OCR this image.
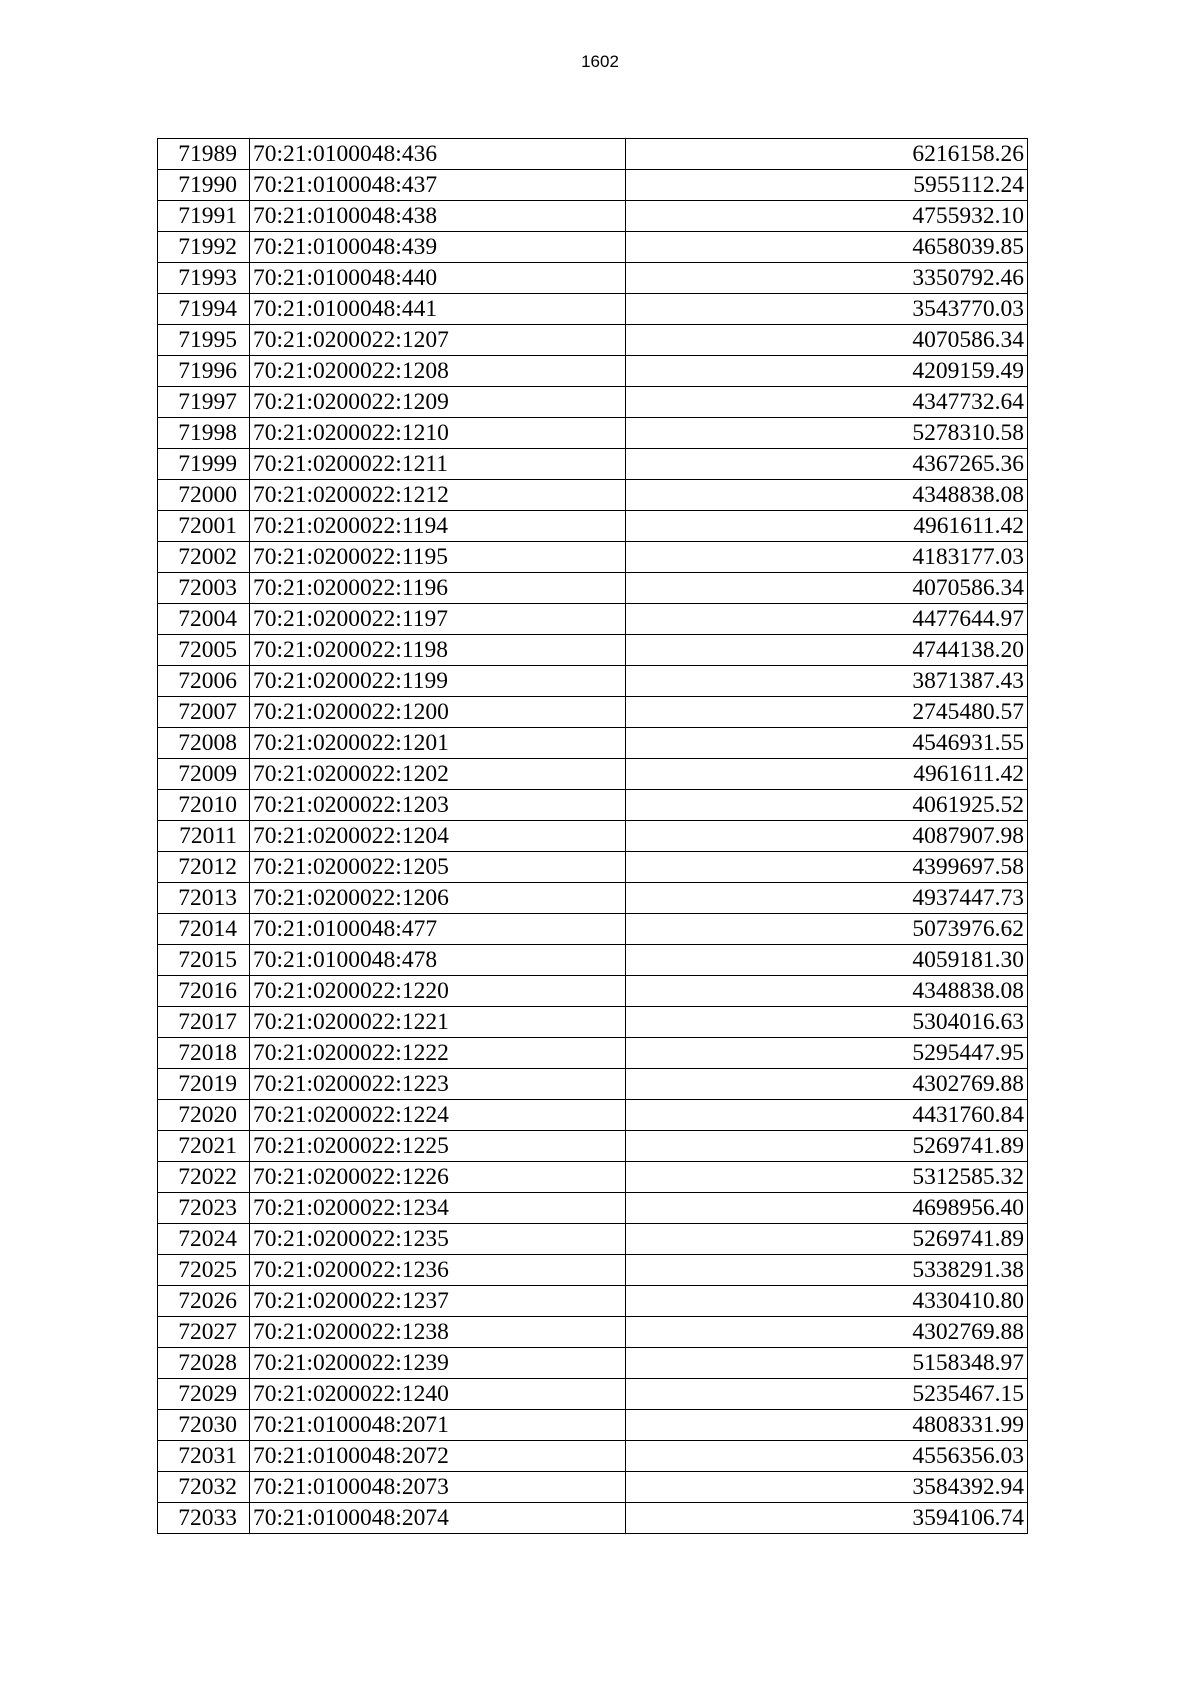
1602
71989	70:21:0100048:436	6216158.26
71990	70:21:0100048:437	5955112.24
71991	70:21:0100048:438	4755932.10
71992	70:21:0100048:439	4658039.85
71993	70:21:0100048:440	3350792.46
71994	70:21:0100048:441	3543770.03
71995	70:21:0200022:1207	4070586.34
71996	70:21:0200022:1208	4209159.49
71997	70:21:0200022:1209	4347732.64
71998	70:21:0200022:1210	5278310.58
71999	70:21:0200022:1211	4367265.36
72000	70:21:0200022:1212	4348838.08
72001	70:21:0200022:1194	4961611.42
72002	70:21:0200022:1195	4183177.03
72003	70:21:0200022:1196	4070586.34
72004	70:21:0200022:1197	4477644.97
72005	70:21:0200022:1198	4744138.20
72006	70:21:0200022:1199	3871387.43
72007	70:21:0200022:1200	2745480.57
72008	70:21:0200022:1201	4546931.55
72009	70:21:0200022:1202	4961611.42
72010	70:21:0200022:1203	4061925.52
72011	70:21:0200022:1204	4087907.98
72012	70:21:0200022:1205	4399697.58
72013	70:21:0200022:1206	4937447.73
72014	70:21:0100048:477	5073976.62
72015	70:21:0100048:478	4059181.30
72016	70:21:0200022:1220	4348838.08
72017	70:21:0200022:1221	5304016.63
72018	70:21:0200022:1222	5295447.95
72019	70:21:0200022:1223	4302769.88
72020	70:21:0200022:1224	4431760.84
72021	70:21:0200022:1225	5269741.89
72022	70:21:0200022:1226	5312585.32
72023	70:21:0200022:1234	4698956.40
72024	70:21:0200022:1235	5269741.89
72025	70:21:0200022:1236	5338291.38
72026	70:21:0200022:1237	4330410.80
72027	70:21:0200022:1238	4302769.88
72028	70:21:0200022:1239	5158348.97
72029	70:21:0200022:1240	5235467.15
72030	70:21:0100048:2071	4808331.99
72031	70:21:0100048:2072	4556356.03
72032	70:21:0100048:2073	3584392.94
72033	70:21:0100048:2074	3594106.74
